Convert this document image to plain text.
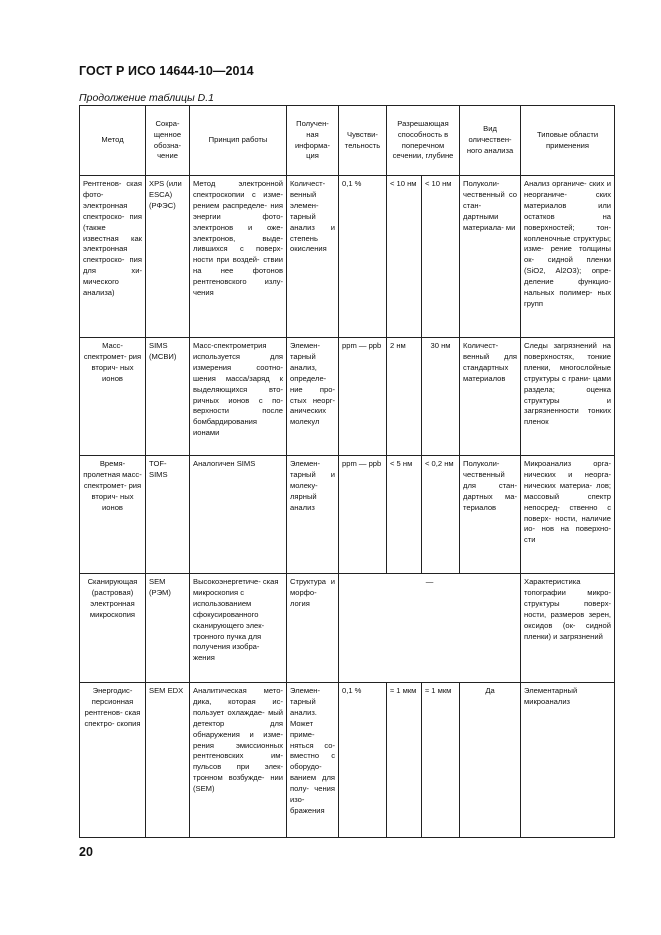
ГОСТ Р ИСО 14644-10—2014
Продолжение таблицы D.1
Метод	Сокра- щенное обозна- чение	Принцип работы	Получен- ная информа- ция	Чувстви- тельность	Разрешающая способность в поперечном сечении, глубине		Вид оличествен- ного анализа	Типовые области применения
Рентгенов- ская фото- электронная спектроско- пия (также известная как электронная спектроско- пия для хи- мического анализа)	XPS (или ESCA) (РФЭС)	Метод электронной спектроскопии с изме- рением распределе- ния энергии фото- электронов и оже- электронов, выде- лившихся с поверх- ности при воздей- ствии на нее фотонов рентгеновского излу- чения	Количест- венный элемен- тарный анализ и степень окисления	0,1 %	< 10 нм	< 10 нм	Полуколи- чественный со стан- дартными материала- ми	Анализ органиче- ских и неорганиче- ских материалов или остатков на поверхностей; тон- копленочные структуры; изме- рение толщины ок- сидной пленки (SiO2, Al2O3); опре- деление функцио- нальных полимер- ных групп
Масс- спектромет- рия вторич- ных ионов	SIMS (МСВИ)	Масс-спектрометрия используется для измерения соотно- шения масса/заряд к выделяющихся вто- ричных ионов с по- верхности после бомбардирования ионами	Элемен- тарный анализ, определе- ние про- стых неорг- анических молекул	ppm — ppb	2 нм	30 нм	Количест- венный для стандартных материалов	Следы загрязнений на поверхностях, тонкие пленки, многослойные структуры с грани- цами раздела; оценка структуры и загрязненности тонких пленок
Время- пролетная масс- спектромет- рия вторич- ных ионов	TOF- SIMS	Аналогичен SIMS	Элемен- тарный и молеку- лярный анализ	ppm — ppb	< 5 нм	< 0,2 нм	Полуколи- чественный для стан- дартных ма- териалов	Микроанализ орга- нических и неорга- нических материа- лов; массовый спектр непосред- ственно с поверх- ности, наличие ио- нов на поверхно- сти
Сканирующая (растровая) электронная микроскопия	SEM (РЭМ)	Высокоэнергетиче- ская микроскопия с использованием сфокусированного сканирующего элек- тронного пучка для получения изобра- жения	Структура и морфо- логия	—				Характеристика топографии микро- структуры поверх- ности, размеров зерен, оксидов (ок- сидной пленки) и загрязнений
Энергодис- персионная рентгенов- ская спектро- скопия	SEM EDX	Аналитическая мето- дика, которая ис- пользует охлаждае- мый детектор для обнаружения и изме- рения эмиссионных рентгеновских им- пульсов при элек- тронном возбужде- нии (SEM)	Элемен- тарный анализ. Может приме- няться со- вместно с оборудо- ванием для полу- чения изо- бражения	0,1 %	≈ 1 мкм	≈ 1 мкм	Да	Элементарный микроанализ
20
